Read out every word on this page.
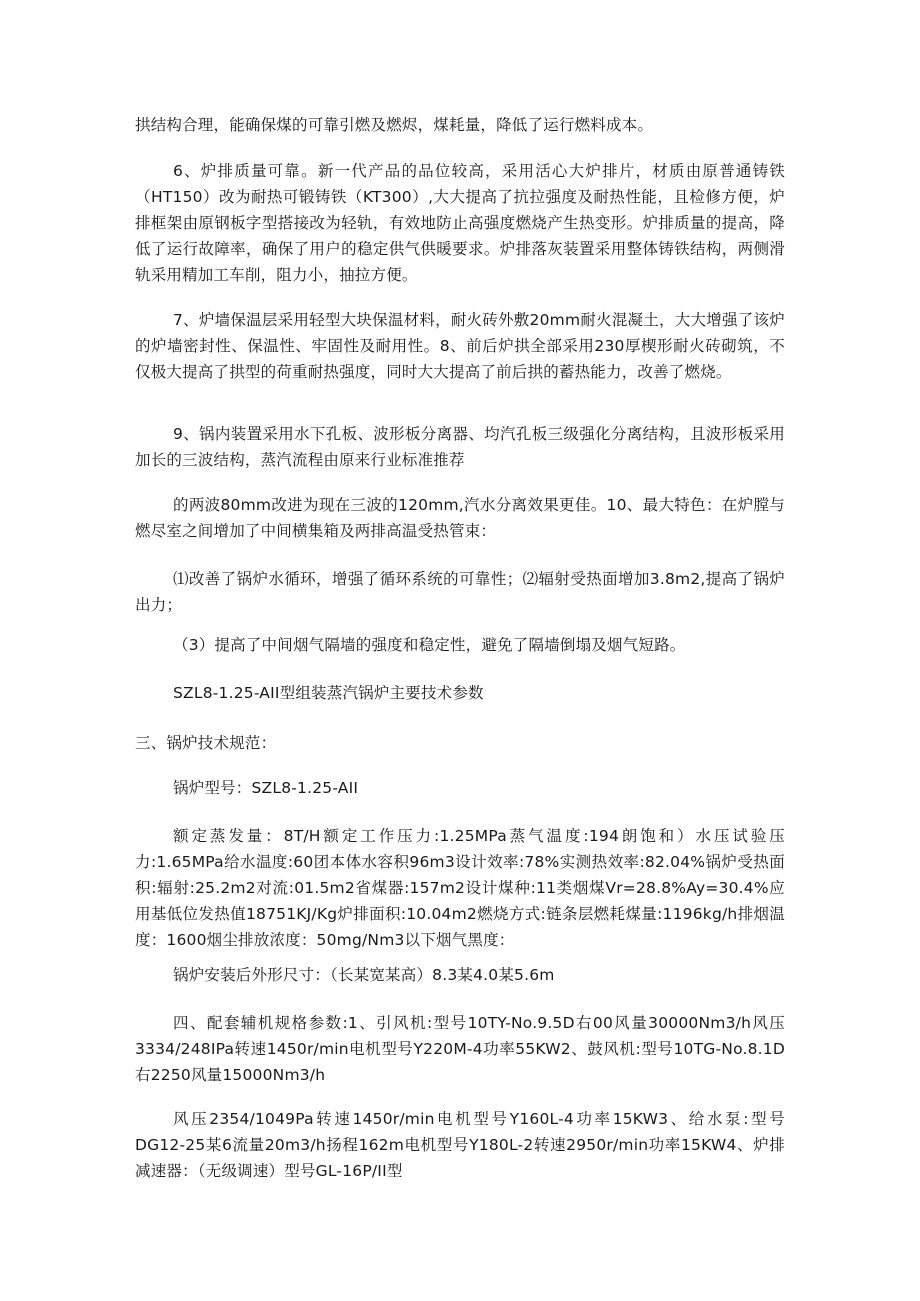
拱结构合理，能确保煤的可靠引燃及燃烬，煤耗量，降低了运行燃料成本。

6、炉排质量可靠。新一代产品的品位较高，采用活心大炉排片，材质由原普通铸铁（HT150）改为耐热可锻铸铁（KT300）,大大提高了抗拉强度及耐热性能，且检修方便，炉排框架由原钢板字型搭接改为轻轨，有效地防止高强度燃烧产生热变形。炉排质量的提高，降低了运行故障率，确保了用户的稳定供气供暖要求。炉排落灰装置采用整体铸铁结构，两侧滑轨采用精加工车削，阻力小，抽拉方便。

7、炉墙保温层采用轻型大块保温材料，耐火砖外敷20mm耐火混凝土，大大增强了该炉的炉墙密封性、保温性、牢固性及耐用性。8、前后炉拱全部采用230厚楔形耐火砖砌筑，不仅极大提高了拱型的荷重耐热强度，同时大大提高了前后拱的蓄热能力，改善了燃烧。

9、锅内装置采用水下孔板、波形板分离器、均汽孔板三级强化分离结构，且波形板采用加长的三波结构，蒸汽流程由原来行业标准推荐

的两波80mm改进为现在三波的120mm,汽水分离效果更佳。10、最大特色：在炉膛与燃尽室之间增加了中间横集箱及两排高温受热管束：

⑴改善了锅炉水循环，增强了循环系统的可靠性；⑵辐射受热面增加3.8m2,提高了锅炉出力；

（3）提高了中间烟气隔墙的强度和稳定性，避免了隔墙倒塌及烟气短路。

SZL8-1.25-AII型组装蒸汽锅炉主要技术参数

三、锅炉技术规范：

锅炉型号：SZL8-1.25-AII

额定蒸发量：8T/H额定工作压力:1.25MPa蒸气温度:194朗饱和）水压试验压力:1.65MPa给水温度:60团本体水容积96m3设计效率:78%实测热效率:82.04%锅炉受热面积:辐射:25.2m2对流:01.5m2省煤器:157m2设计煤种:11类烟煤Vr=28.8%Ay=30.4%应用基低位发热值18751KJ/Kg炉排面积:10.04m2燃烧方式:链条层燃耗煤量:1196kg/h排烟温度：1600烟尘排放浓度：50mg/Nm3以下烟气黑度：

锅炉安装后外形尺寸：（长某宽某高）8.3某4.0某5.6m

四、配套辅机规格参数:1、引风机:型号10TY-No.9.5D右00风量30000Nm3/h风压3334/248IPa转速1450r/min电机型号Y220M-4功率55KW2、鼓风机:型号10TG-No.8.1D右2250风量15000Nm3/h

风压2354/1049Pa转速1450r/min电机型号Y160L-4功率15KW3、给水泵:型号DG12-25某6流量20m3/h扬程162m电机型号Y180L-2转速2950r/min功率15KW4、炉排减速器：（无级调速）型号GL-16P/II型
